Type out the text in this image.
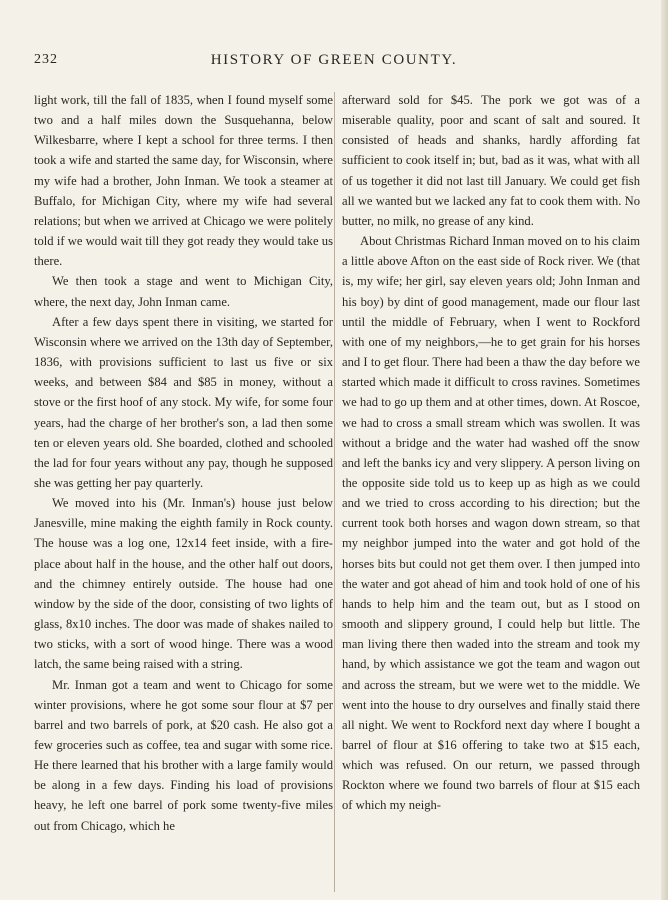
232	HISTORY OF GREEN COUNTY.

light work, till the fall of 1835, when I found myself some two and a half miles down the Susquehanna, below Wilkesbarre, where I kept a school for three terms. I then took a wife and started the same day, for Wisconsin, where my wife had a brother, John Inman. We took a steamer at Buffalo, for Michigan City, where my wife had several relations; but when we arrived at Chicago we were politely told if we would wait till they got ready they would take us there.

We then took a stage and went to Michigan City, where, the next day, John Inman came.

After a few days spent there in visiting, we started for Wisconsin where we arrived on the 13th day of September, 1836, with provisions sufficient to last us five or six weeks, and between $84 and $85 in money, without a stove or the first hoof of any stock. My wife, for some four years, had the charge of her brother's son, a lad then some ten or eleven years old. She boarded, clothed and schooled the lad for four years without any pay, though he supposed she was getting her pay quarterly.

We moved into his (Mr. Inman's) house just below Janesville, mine making the eighth family in Rock county. The house was a log one, 12x14 feet inside, with a fire-place about half in the house, and the other half out doors, and the chimney entirely outside. The house had one window by the side of the door, consisting of two lights of glass, 8x10 inches. The door was made of shakes nailed to two sticks, with a sort of wood hinge. There was a wood latch, the same being raised with a string.

Mr. Inman got a team and went to Chicago for some winter provisions, where he got some sour flour at $7 per barrel and two barrels of pork, at $20 cash. He also got a few groceries such as coffee, tea and sugar with some rice. He there learned that his brother with a large family would be along in a few days. Finding his load of provisions heavy, he left one barrel of pork some twenty-five miles out from Chicago, which he

afterward sold for $45. The pork we got was of a miserable quality, poor and scant of salt and soured. It consisted of heads and shanks, hardly affording fat sufficient to cook itself in; but, bad as it was, what with all of us together it did not last till January. We could get fish all we wanted but we lacked any fat to cook them with. No butter, no milk, no grease of any kind.

About Christmas Richard Inman moved on to his claim a little above Afton on the east side of Rock river. We (that is, my wife; her girl, say eleven years old; John Inman and his boy) by dint of good management, made our flour last until the middle of February, when I went to Rockford with one of my neighbors,—he to get grain for his horses and I to get flour. There had been a thaw the day before we started which made it difficult to cross ravines. Sometimes we had to go up them and at other times, down. At Roscoe, we had to cross a small stream which was swollen. It was without a bridge and the water had washed off the snow and left the banks icy and very slippery. A person living on the opposite side told us to keep up as high as we could and we tried to cross according to his direction; but the current took both horses and wagon down stream, so that my neighbor jumped into the water and got hold of the horses bits but could not get them over. I then jumped into the water and got ahead of him and took hold of one of his hands to help him and the team out, but as I stood on smooth and slippery ground, I could help but little. The man living there then waded into the stream and took my hand, by which assistance we got the team and wagon out and across the stream, but we were wet to the middle. We went into the house to dry ourselves and finally staid there all night. We went to Rockford next day where I bought a barrel of flour at $16 offering to take two at $15 each, which was refused. On our return, we passed through Rockton where we found two barrels of flour at $15 each of which my neigh-
